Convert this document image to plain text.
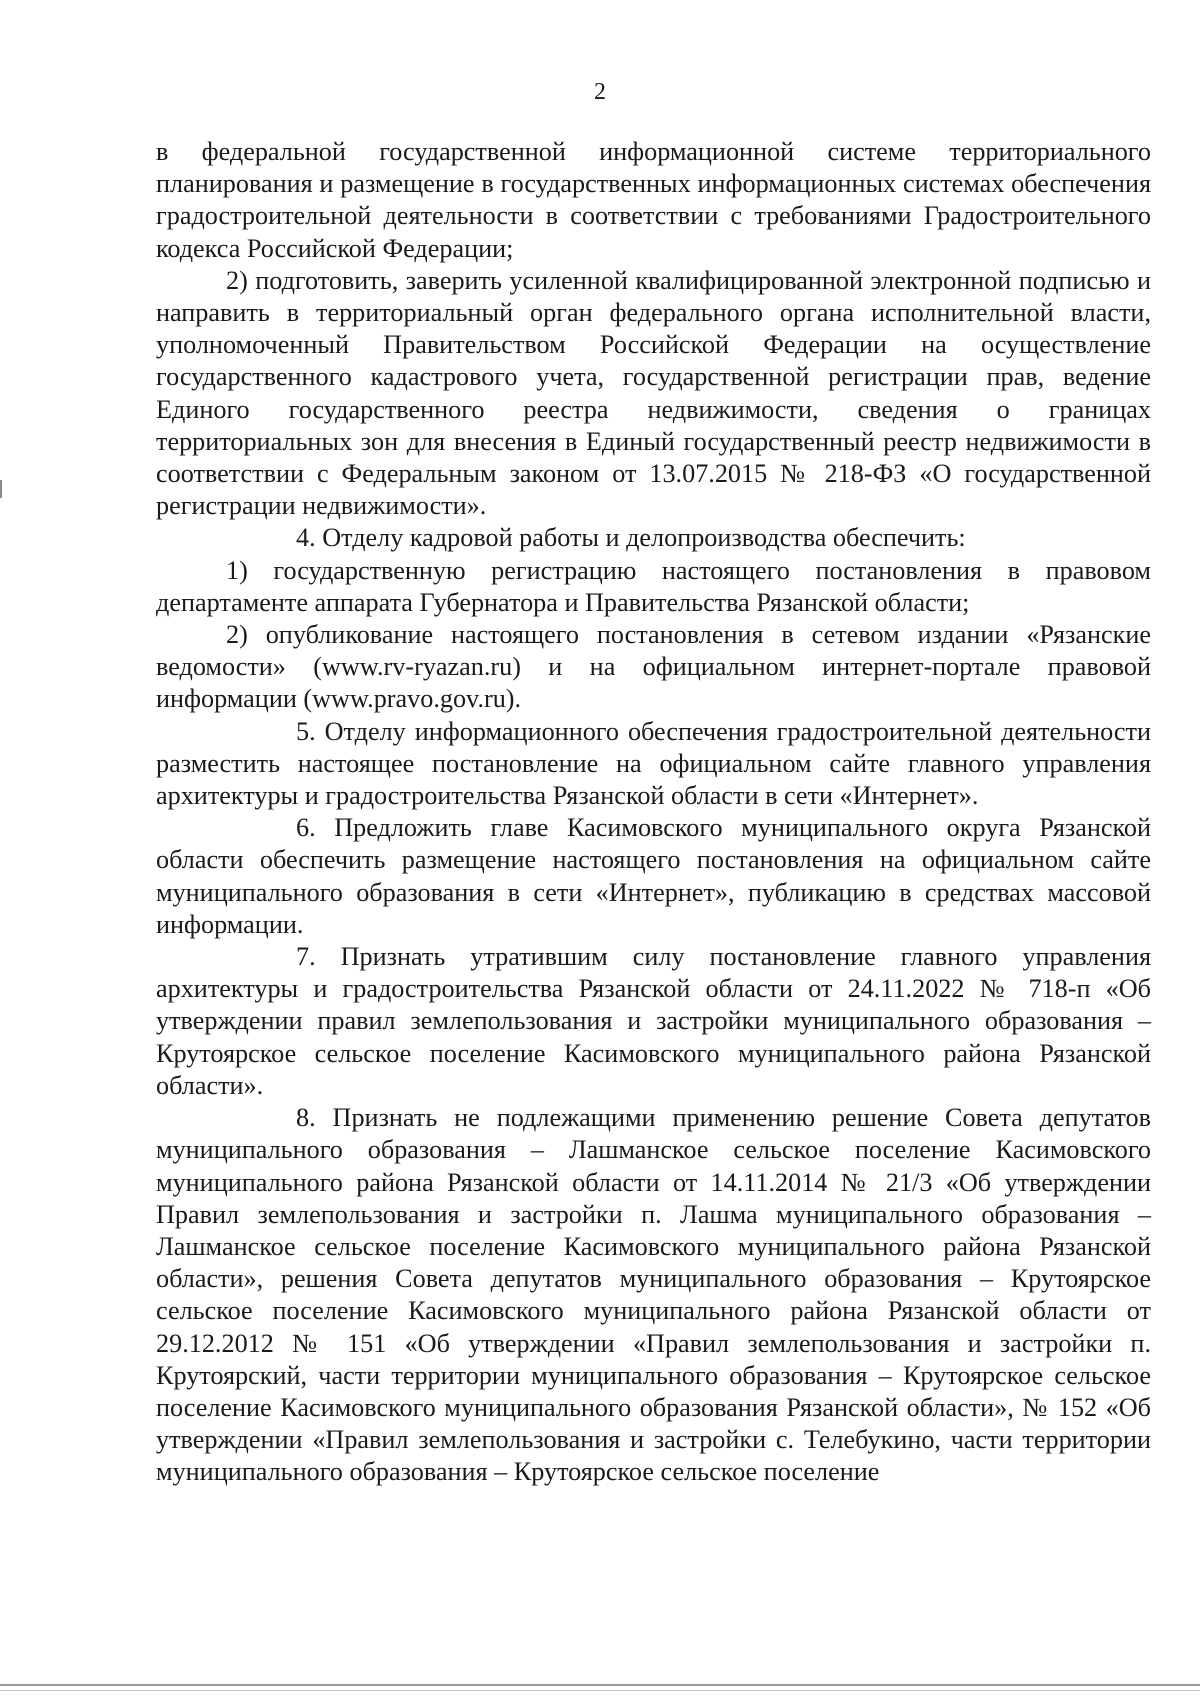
2

в федеральной государственной информационной системе территориального планирования и размещение в государственных информационных системах обеспечения градостроительной деятельности в соответствии с требованиями Градостроительного кодекса Российской Федерации;

2) подготовить, заверить усиленной квалифицированной электронной подписью и направить в территориальный орган федерального органа исполнительной власти, уполномоченный Правительством Российской Федерации на осуществление государственного кадастрового учета, государственной регистрации прав, ведение Единого государственного реестра недвижимости, сведения о границах территориальных зон для внесения в Единый государственный реестр недвижимости в соответствии с Федеральным законом от 13.07.2015 № 218-ФЗ «О государственной регистрации недвижимости».

4. Отделу кадровой работы и делопроизводства обеспечить:

1) государственную регистрацию настоящего постановления в правовом департаменте аппарата Губернатора и Правительства Рязанской области;

2) опубликование настоящего постановления в сетевом издании «Рязанские ведомости» (www.rv-ryazan.ru) и на официальном интернет-портале правовой информации (www.pravo.gov.ru).

5. Отделу информационного обеспечения градостроительной деятельности разместить настоящее постановление на официальном сайте главного управления архитектуры и градостроительства Рязанской области в сети «Интернет».

6. Предложить главе Касимовского муниципального округа Рязанской области обеспечить размещение настоящего постановления на официальном сайте муниципального образования в сети «Интернет», публикацию в средствах массовой информации.

7. Признать утратившим силу постановление главного управления архитектуры и градостроительства Рязанской области от 24.11.2022 № 718-п «Об утверждении правил землепользования и застройки муниципального образования – Крутоярское сельское поселение Касимовского муниципального района Рязанской области».

8. Признать не подлежащими применению решение Совета депутатов муниципального образования – Лашманское сельское поселение Касимовского муниципального района Рязанской области от 14.11.2014 № 21/3 «Об утверждении Правил землепользования и застройки п. Лашма муниципального образования – Лашманское сельское поселение Касимовского муниципального района Рязанской области», решения Совета депутатов муниципального образования – Крутоярское сельское поселение Касимовского муниципального района Рязанской области от 29.12.2012 № 151 «Об утверждении «Правил землепользования и застройки п. Крутоярский, части территории муниципального образования – Крутоярское сельское поселение Касимовского муниципального образования Рязанской области», № 152 «Об утверждении «Правил землепользования и застройки с. Телебукино, части территории муниципального образования – Крутоярское сельское поселение
